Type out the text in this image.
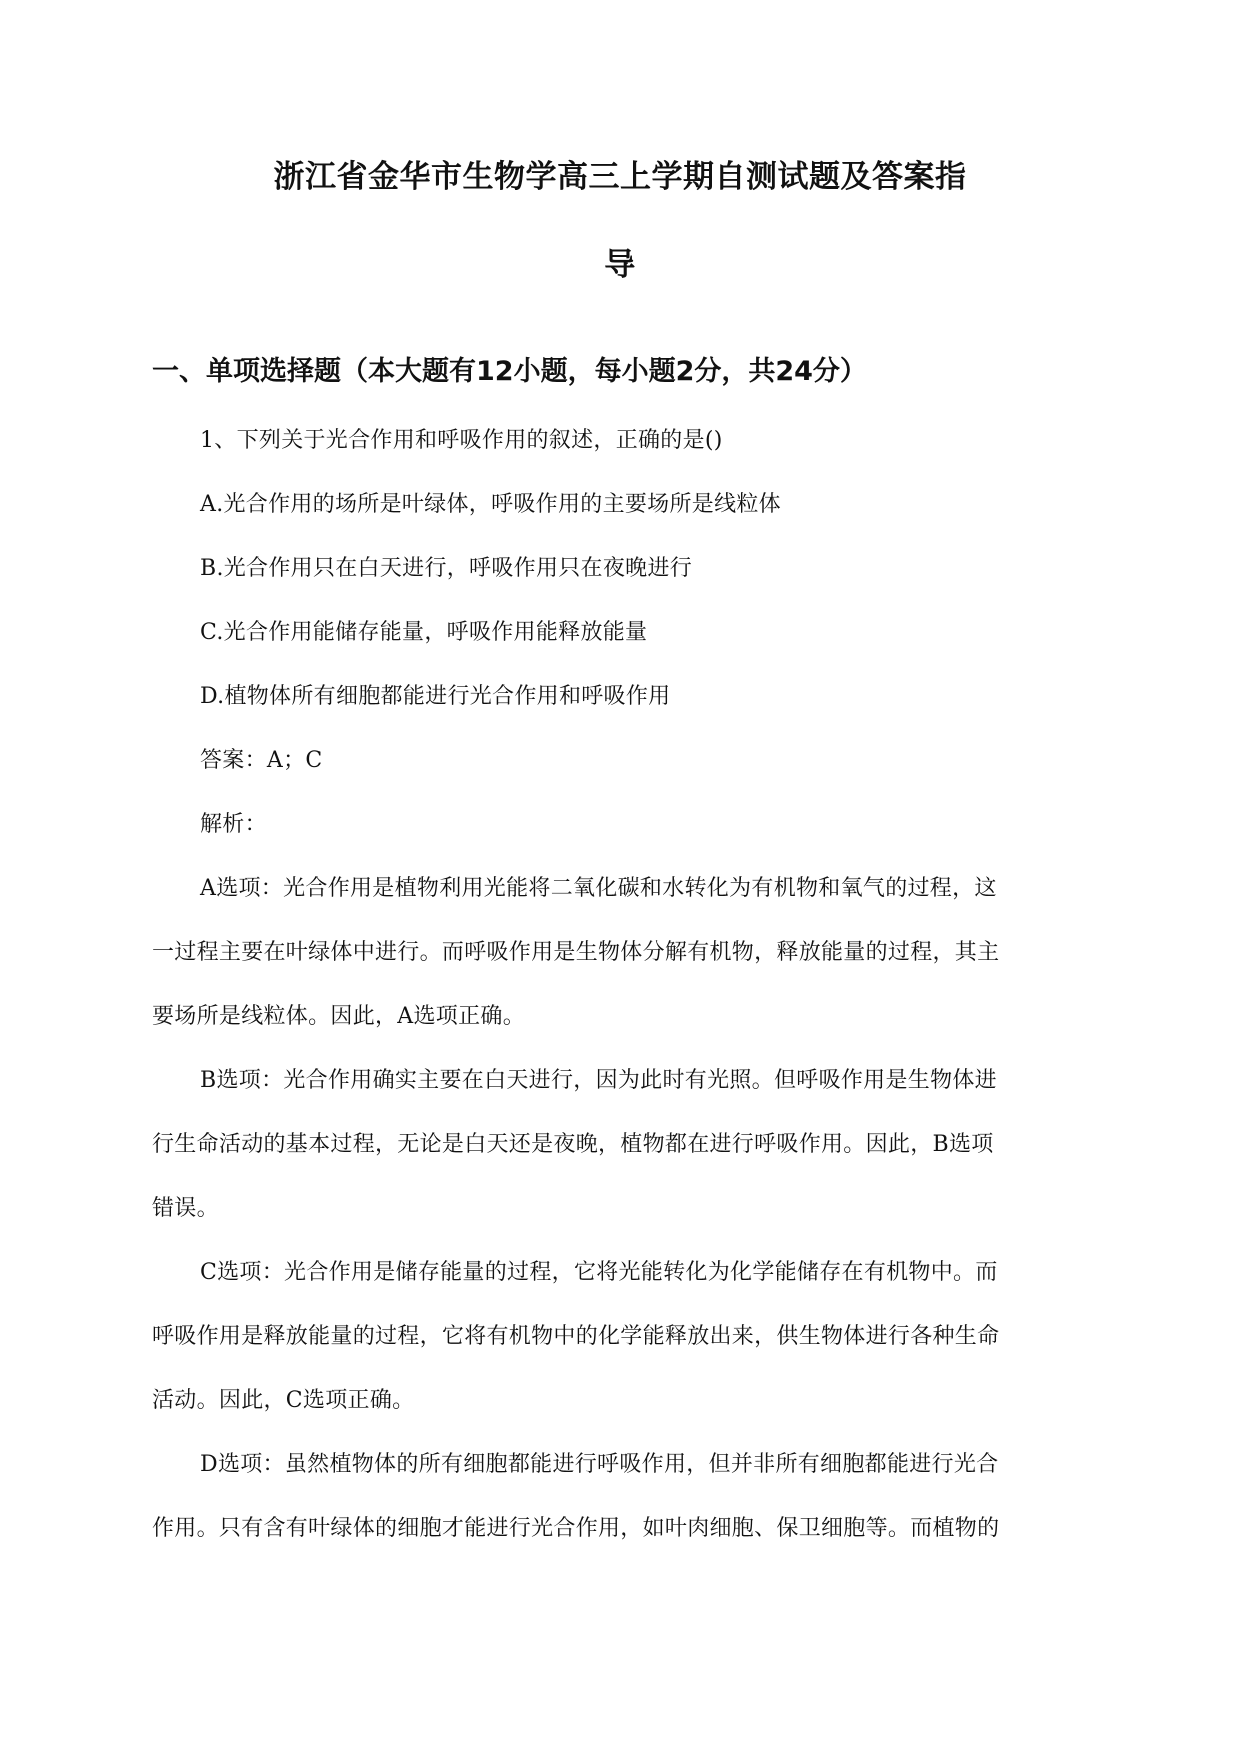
浙江省金华市生物学高三上学期自测试题及答案指
导
一、单项选择题（本大题有12小题，每小题2分，共24分）
1、下列关于光合作用和呼吸作用的叙述，正确的是()
A.光合作用的场所是叶绿体，呼吸作用的主要场所是线粒体
B.光合作用只在白天进行，呼吸作用只在夜晚进行
C.光合作用能储存能量，呼吸作用能释放能量
D.植物体所有细胞都能进行光合作用和呼吸作用
答案：A；C
解析：
A选项：光合作用是植物利用光能将二氧化碳和水转化为有机物和氧气的过程，这
一过程主要在叶绿体中进行。而呼吸作用是生物体分解有机物，释放能量的过程，其主
要场所是线粒体。因此，A选项正确。
B选项：光合作用确实主要在白天进行，因为此时有光照。但呼吸作用是生物体进
行生命活动的基本过程，无论是白天还是夜晚，植物都在进行呼吸作用。因此，B选项
错误。
C选项：光合作用是储存能量的过程，它将光能转化为化学能储存在有机物中。而
呼吸作用是释放能量的过程，它将有机物中的化学能释放出来，供生物体进行各种生命
活动。因此，C选项正确。
D选项：虽然植物体的所有细胞都能进行呼吸作用，但并非所有细胞都能进行光合
作用。只有含有叶绿体的细胞才能进行光合作用，如叶肉细胞、保卫细胞等。而植物的
